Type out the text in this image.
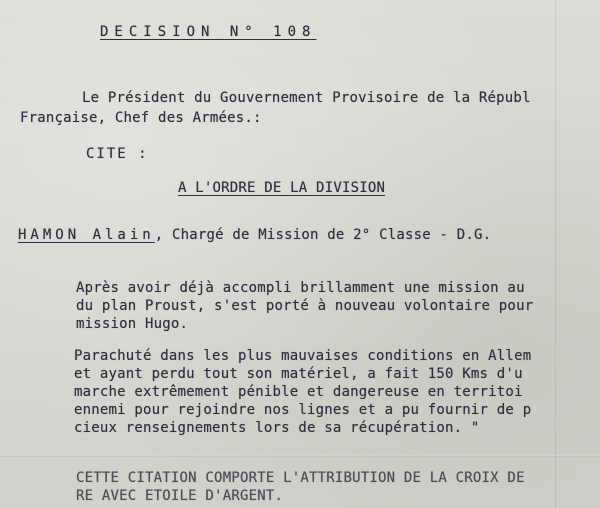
DECISION N° 108
Le Président du Gouvernement Provisoire de la Républ
Française, Chef des Armées.:
CITE :
A L'ORDRE DE LA DIVISION
HAMON Alain, Chargé de Mission de 2° Classe - D.G.
Après avoir déjà accompli brillamment une mission au
du plan Proust, s'est porté à nouveau volontaire pour
mission Hugo.
Parachuté dans les plus mauvaises conditions en Allem
et ayant perdu tout son matériel, a fait 150 Kms d'u
marche extrêmement pénible et dangereuse en territoi
ennemi pour rejoindre nos lignes et a pu fournir de p
cieux renseignements lors de sa récupération. "
CETTE CITATION COMPORTE L'ATTRIBUTION DE LA CROIX DE
RE AVEC ETOILE D'ARGENT.
